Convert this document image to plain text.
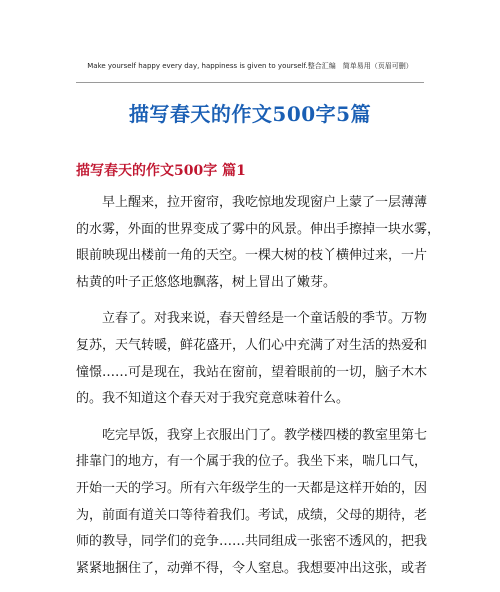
Make yourself happy every day, happiness is given to yourself.整合汇编　简单易用（页眉可删）
描写春天的作文500字5篇
描写春天的作文500字 篇1
　　早上醒来，拉开窗帘，我吃惊地发现窗户上蒙了一层薄薄
的水雾，外面的世界变成了雾中的风景。伸出手擦掉一块水雾，
眼前映现出楼前一角的天空。一棵大树的枝丫横伸过来，一片
枯黄的叶子正悠悠地飘落，树上冒出了嫩芽。
　　立春了。对我来说，春天曾经是一个童话般的季节。万物
复苏，天气转暖，鲜花盛开，人们心中充满了对生活的热爱和
憧憬……可是现在，我站在窗前，望着眼前的一切，脑子木木
的。我不知道这个春天对于我究竟意味着什么。
　　吃完早饭，我穿上衣服出门了。教学楼四楼的教室里第七
排靠门的地方，有一个属于我的位子。我坐下来，喘几口气，
开始一天的学习。所有六年级学生的一天都是这样开始的，因
为，前面有道关口等待着我们。考试，成绩，父母的期待，老
师的教导，同学们的竞争……共同组成一张密不透风的，把我
紧紧地捆住了，动弹不得，令人窒息。我想要冲出这张，或者
